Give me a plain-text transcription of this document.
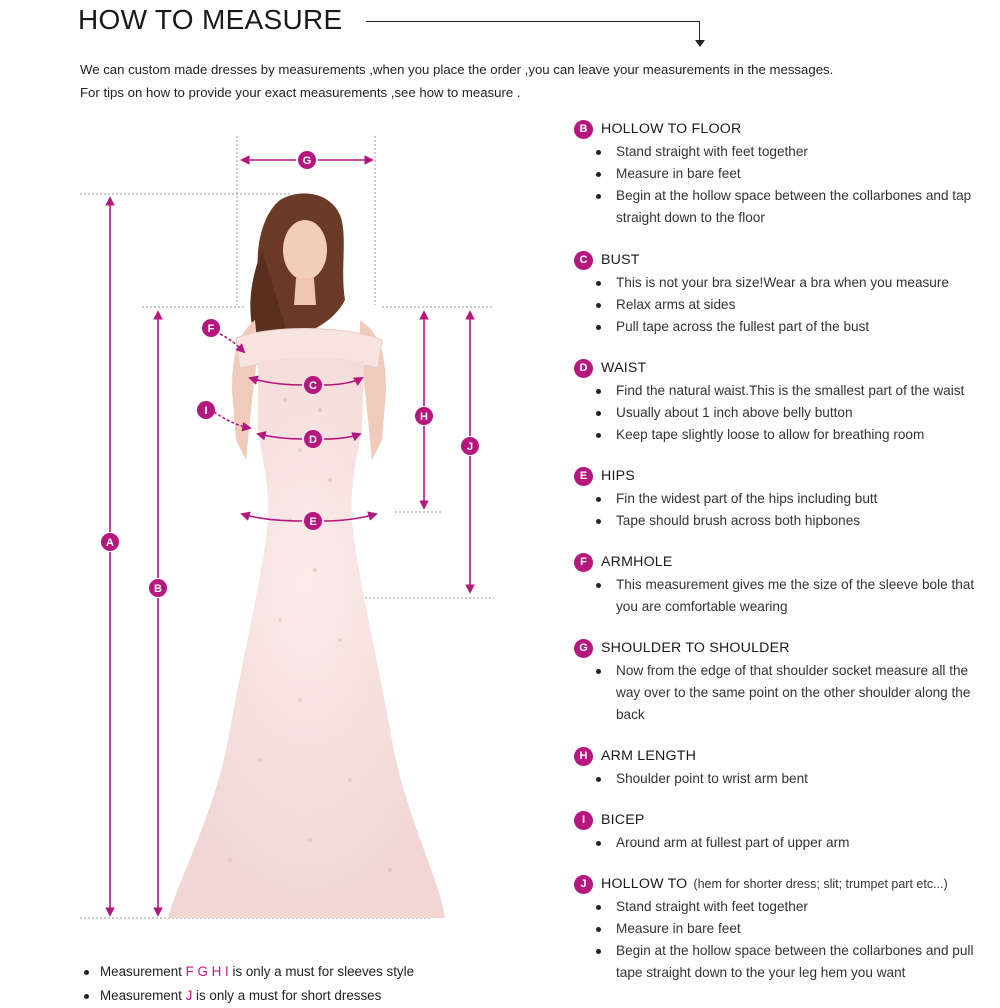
HOW TO MEASURE
We can custom made dresses by measurements ,when you place the order ,you can leave your measurements in the messages.
For tips on how to provide your exact measurements ,see how to measure .
G
A
B
C
D
E
F
H
I
J
B HOLLOW TO FLOOR
Stand straight with feet together
Measure in bare feet
Begin at the hollow space between the collarbones and tap straight down to the floor
C BUST
This is not your bra size!Wear a bra when you measure
Relax arms at sides
Pull tape across the fullest part of the bust
D WAIST
Find the natural waist.This is the smallest part of the waist
Usually about 1 inch above belly button
Keep tape slightly loose to allow for breathing room
E HIPS
Fin the widest part of the hips including butt
Tape should brush across both hipbones
F ARMHOLE
This measurement gives me the size of the sleeve bole that you are comfortable wearing
G SHOULDER TO SHOULDER
Now from the edge of that shoulder socket measure all the way over to the same point on the other shoulder along the back
H ARM LENGTH
Shoulder point to wrist arm bent
I	BICEP
Around arm at fullest part of upper arm
J	HOLLOW TO (hem for shorter dress; slit; trumpet part etc...)
Stand straight with feet together
Measure in bare feet
Begin at the hollow space between the collarbones and pull tape straight down to the your leg hem you want
Measurement F G H I is only a must for sleeves style
Measurement J is only a must for short dresses
